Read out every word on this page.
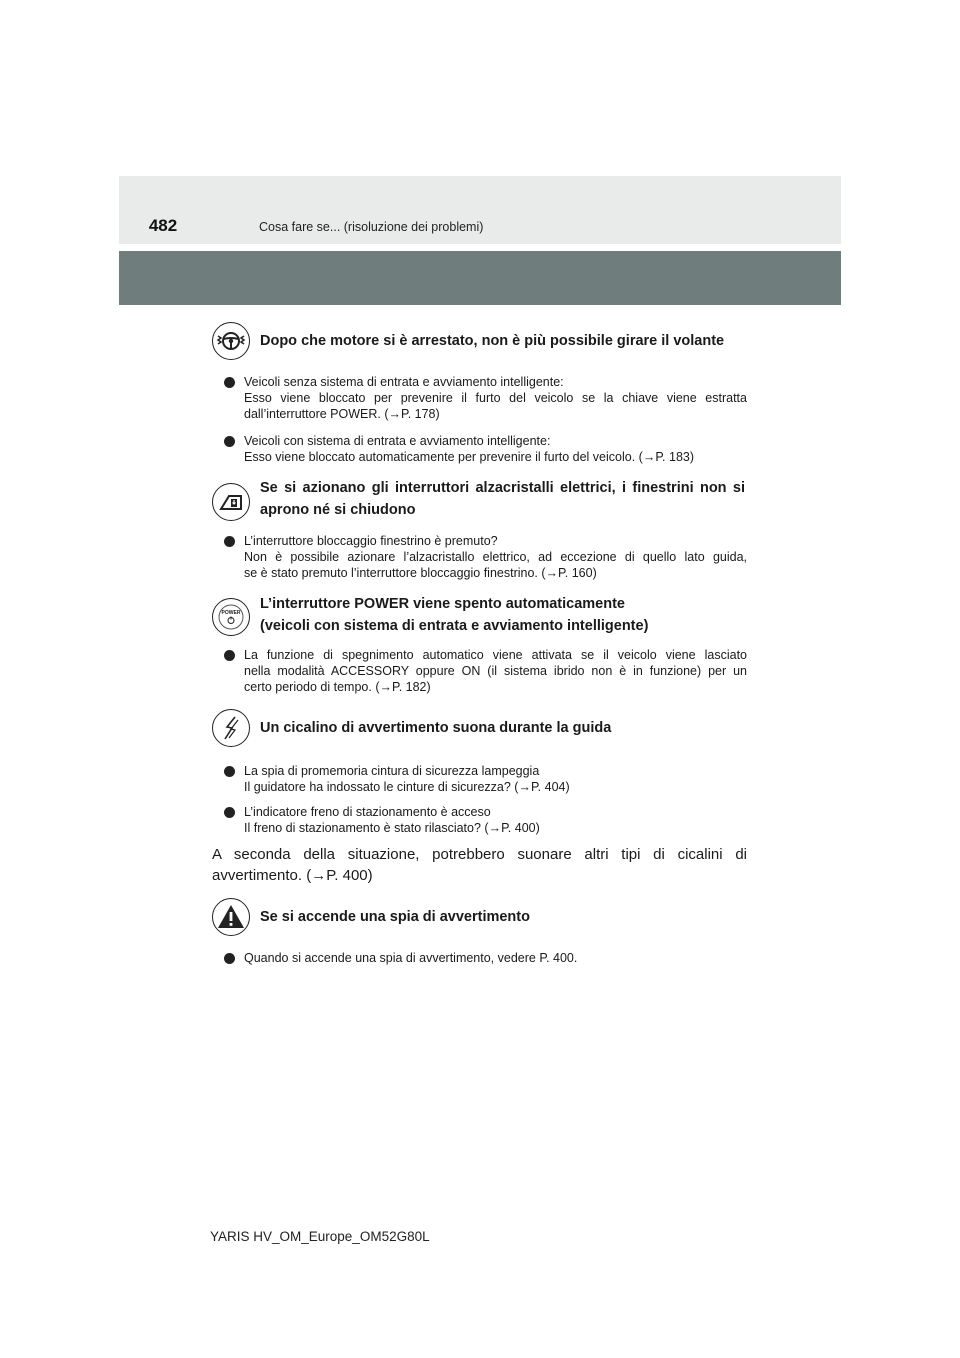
482	Cosa fare se... (risoluzione dei problemi)
Dopo che motore si è arrestato, non è più possibile girare il volante
Veicoli senza sistema di entrata e avviamento intelligente:
Esso viene bloccato per prevenire il furto del veicolo se la chiave viene estratta
dall’interruttore POWER. (→P. 178)
Veicoli con sistema di entrata e avviamento intelligente:
Esso viene bloccato automaticamente per prevenire il furto del veicolo. (→P. 183)
Se si azionano gli interruttori alzacristalli elettrici, i finestrini non si
aprono né si chiudono
L’interruttore bloccaggio finestrino è premuto?
Non è possibile azionare l’alzacristallo elettrico, ad eccezione di quello lato guida,
se è stato premuto l’interruttore bloccaggio finestrino. (→P. 160)
POWER
L’interruttore POWER viene spento automaticamente
(veicoli con sistema di entrata e avviamento intelligente)
La funzione di spegnimento automatico viene attivata se il veicolo viene lasciato
nella modalità ACCESSORY oppure ON (il sistema ibrido non è in funzione) per un
certo periodo di tempo. (→P. 182)
Un cicalino di avvertimento suona durante la guida
La spia di promemoria cintura di sicurezza lampeggia
Il guidatore ha indossato le cinture di sicurezza? (→P. 404)
L’indicatore freno di stazionamento è acceso
Il freno di stazionamento è stato rilasciato? (→P. 400)
A seconda della situazione, potrebbero suonare altri tipi di cicalini di
avvertimento. (→P. 400)
Se si accende una spia di avvertimento
Quando si accende una spia di avvertimento, vedere P. 400.
YARIS HV_OM_Europe_OM52G80L
